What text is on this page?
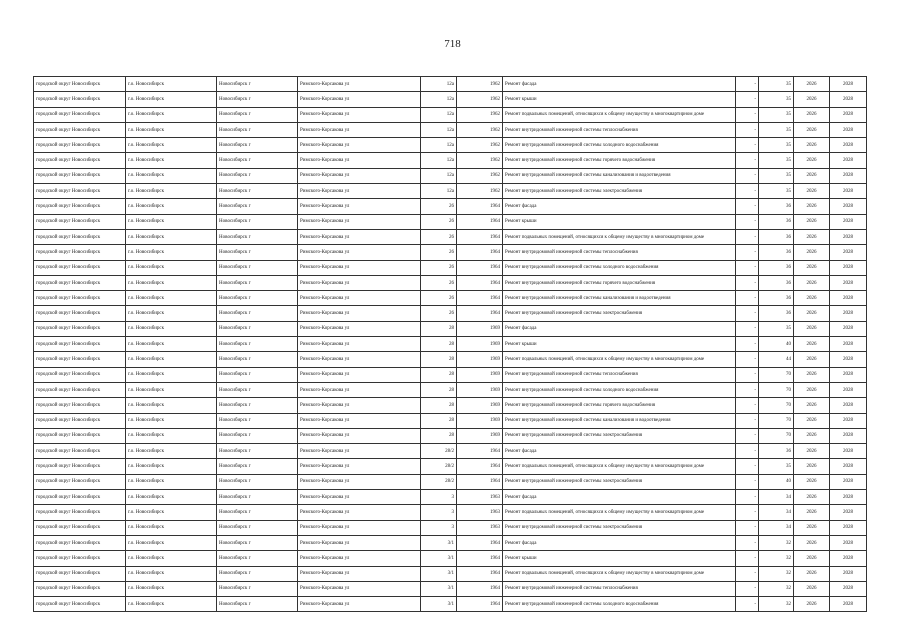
718
городской округ Новосибирск	г.о. Новосибирск	Новосибирск г	Римского-Корсакова ул	12а	1962	Ремонт фасада	-	35	2026	2028
городской округ Новосибирск	г.о. Новосибирск	Новосибирск г	Римского-Корсакова ул	12а	1962	Ремонт крыши	-	35	2026	2028
городской округ Новосибирск	г.о. Новосибирск	Новосибирск г	Римского-Корсакова ул	12а	1962	Ремонт подвальных помещений, относящихся к общему имуществу в многоквартирном доме	-	35	2026	2028
городской округ Новосибирск	г.о. Новосибирск	Новосибирск г	Римского-Корсакова ул	12а	1962	Ремонт внутридомовой инженерной системы теплоснабжения	-	35	2026	2028
городской округ Новосибирск	г.о. Новосибирск	Новосибирск г	Римского-Корсакова ул	12а	1962	Ремонт внутридомовой инженерной системы холодного водоснабжения	-	35	2026	2028
городской округ Новосибирск	г.о. Новосибирск	Новосибирск г	Римского-Корсакова ул	12а	1962	Ремонт внутридомовой инженерной системы горячего водоснабжения	-	35	2026	2028
городской округ Новосибирск	г.о. Новосибирск	Новосибирск г	Римского-Корсакова ул	12а	1962	Ремонт внутридомовой инженерной системы канализования и водоотведения	-	35	2026	2028
городской округ Новосибирск	г.о. Новосибирск	Новосибирск г	Римского-Корсакова ул	12а	1962	Ремонт внутридомовой инженерной системы электроснабжения	-	35	2026	2028
городской округ Новосибирск	г.о. Новосибирск	Новосибирск г	Римского-Корсакова ул	26	1964	Ремонт фасада	-	36	2026	2028
городской округ Новосибирск	г.о. Новосибирск	Новосибирск г	Римского-Корсакова ул	26	1964	Ремонт крыши	-	36	2026	2028
городской округ Новосибирск	г.о. Новосибирск	Новосибирск г	Римского-Корсакова ул	26	1964	Ремонт подвальных помещений, относящихся к общему имуществу в многоквартирном доме	-	36	2026	2028
городской округ Новосибирск	г.о. Новосибирск	Новосибирск г	Римского-Корсакова ул	26	1964	Ремонт внутридомовой инженерной системы теплоснабжения	-	36	2026	2028
городской округ Новосибирск	г.о. Новосибирск	Новосибирск г	Римского-Корсакова ул	26	1964	Ремонт внутридомовой инженерной системы холодного водоснабжения	-	36	2026	2028
городской округ Новосибирск	г.о. Новосибирск	Новосибирск г	Римского-Корсакова ул	26	1964	Ремонт внутридомовой инженерной системы горячего водоснабжения	-	36	2026	2028
городской округ Новосибирск	г.о. Новосибирск	Новосибирск г	Римского-Корсакова ул	26	1964	Ремонт внутридомовой инженерной системы канализования и водоотведения	-	36	2026	2028
городской округ Новосибирск	г.о. Новосибирск	Новосибирск г	Римского-Корсакова ул	26	1964	Ремонт внутридомовой инженерной системы электроснабжения	-	36	2026	2028
городской округ Новосибирск	г.о. Новосибирск	Новосибирск г	Римского-Корсакова ул	28	1969	Ремонт фасада	-	35	2026	2028
городской округ Новосибирск	г.о. Новосибирск	Новосибирск г	Римского-Корсакова ул	28	1969	Ремонт крыши	-	40	2026	2028
городской округ Новосибирск	г.о. Новосибирск	Новосибирск г	Римского-Корсакова ул	28	1969	Ремонт подвальных помещений, относящихся к общему имуществу в многоквартирном доме	-	44	2026	2028
городской округ Новосибирск	г.о. Новосибирск	Новосибирск г	Римского-Корсакова ул	28	1969	Ремонт внутридомовой инженерной системы теплоснабжения	-	70	2026	2028
городской округ Новосибирск	г.о. Новосибирск	Новосибирск г	Римского-Корсакова ул	28	1969	Ремонт внутридомовой инженерной системы холодного водоснабжения	-	70	2026	2028
городской округ Новосибирск	г.о. Новосибирск	Новосибирск г	Римского-Корсакова ул	28	1969	Ремонт внутридомовой инженерной системы горячего водоснабжения	-	70	2026	2028
городской округ Новосибирск	г.о. Новосибирск	Новосибирск г	Римского-Корсакова ул	28	1969	Ремонт внутридомовой инженерной системы канализования и водоотведения	-	70	2026	2028
городской округ Новосибирск	г.о. Новосибирск	Новосибирск г	Римского-Корсакова ул	28	1969	Ремонт внутридомовой инженерной системы электроснабжения	-	70	2026	2028
городской округ Новосибирск	г.о. Новосибирск	Новосибирск г	Римского-Корсакова ул	28/2	1964	Ремонт фасада	-	36	2026	2028
городской округ Новосибирск	г.о. Новосибирск	Новосибирск г	Римского-Корсакова ул	28/2	1964	Ремонт подвальных помещений, относящихся к общему имуществу в многоквартирном доме	-	35	2026	2028
городской округ Новосибирск	г.о. Новосибирск	Новосибирск г	Римского-Корсакова ул	28/2	1964	Ремонт внутридомовой инженерной системы электроснабжения	-	40	2026	2028
городской округ Новосибирск	г.о. Новосибирск	Новосибирск г	Римского-Корсакова ул	3	1963	Ремонт фасада	-	34	2026	2028
городской округ Новосибирск	г.о. Новосибирск	Новосибирск г	Римского-Корсакова ул	3	1963	Ремонт подвальных помещений, относящихся к общему имуществу в многоквартирном доме	-	34	2026	2028
городской округ Новосибирск	г.о. Новосибирск	Новосибирск г	Римского-Корсакова ул	3	1963	Ремонт внутридомовой инженерной системы электроснабжения	-	34	2026	2028
городской округ Новосибирск	г.о. Новосибирск	Новосибирск г	Римского-Корсакова ул	3/1	1964	Ремонт фасада	-	32	2026	2028
городской округ Новосибирск	г.о. Новосибирск	Новосибирск г	Римского-Корсакова ул	3/1	1964	Ремонт крыши	-	32	2026	2028
городской округ Новосибирск	г.о. Новосибирск	Новосибирск г	Римского-Корсакова ул	3/1	1964	Ремонт подвальных помещений, относящихся к общему имуществу в многоквартирном доме	-	32	2026	2028
городской округ Новосибирск	г.о. Новосибирск	Новосибирск г	Римского-Корсакова ул	3/1	1964	Ремонт внутридомовой инженерной системы теплоснабжения	-	32	2026	2028
городской округ Новосибирск	г.о. Новосибирск	Новосибирск г	Римского-Корсакова ул	3/1	1964	Ремонт внутридомовой инженерной системы холодного водоснабжения	-	32	2026	2028
